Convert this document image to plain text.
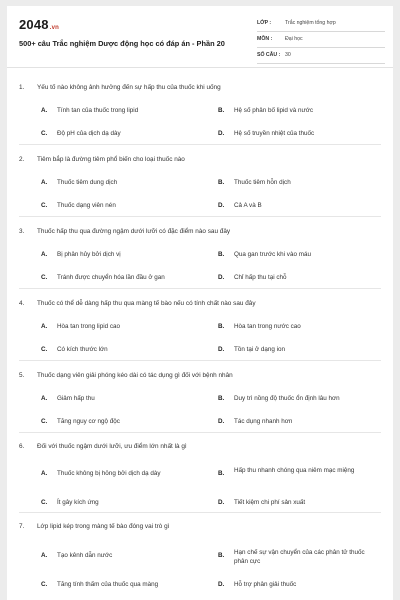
2048.vn
500+ câu Trắc nghiệm Dược động học có đáp án - Phần 20
LỚP :	Trắc nghiệm tổng hợp
MÔN : Đại học
SỐ CÂU : 30
1. Yếu tố nào không ảnh hưởng đến sự hấp thu của thuốc khi uống
A. Tính tan của thuốc trong lipid	B. Hệ số phân bố lipid và nước
C. Độ pH của dịch dạ dày	D. Hệ số truyền nhiệt của thuốc
2. Tiêm bắp là đường tiêm phổ biến cho loại thuốc nào
A. Thuốc tiêm dung dịch	B. Thuốc tiêm hỗn dịch
C. Thuốc dạng viên nén	D. Cả A và B
3. Thuốc hấp thu qua đường ngậm dưới lưỡi có đặc điểm nào sau đây
A. Bị phân hủy bởi dịch vị	B. Qua gan trước khi vào máu
C. Tránh được chuyển hóa lần đầu ở gan	D. Chỉ hấp thu tại chỗ
4. Thuốc có thể dễ dàng hấp thu qua màng tế bào nếu có tính chất nào sau đây
A. Hòa tan trong lipid cao	B. Hòa tan trong nước cao
C. Có kích thước lớn	D. Tồn tại ở dạng ion
5. Thuốc dạng viên giải phóng kéo dài có tác dụng gì đối với bệnh nhân
A. Giảm hấp thu	B. Duy trì nồng độ thuốc ổn định lâu hơn
C. Tăng nguy cơ ngộ độc	D. Tác dụng nhanh hơn
6. Đối với thuốc ngậm dưới lưỡi, ưu điểm lớn nhất là gì
A. Thuốc không bị hỏng bởi dịch dạ dày	B. Hấp thu nhanh chóng qua niêm mạc miệng
C. Ít gây kích ứng	D. Tiết kiệm chi phí sản xuất
7. Lớp lipid kép trong màng tế bào đóng vai trò gì
A. Tạo kênh dẫn nước	B. Hạn chế sự vận chuyển của các phân tử thuốc phân cực
C. Tăng tính thấm của thuốc qua màng	D. Hỗ trợ phân giải thuốc
